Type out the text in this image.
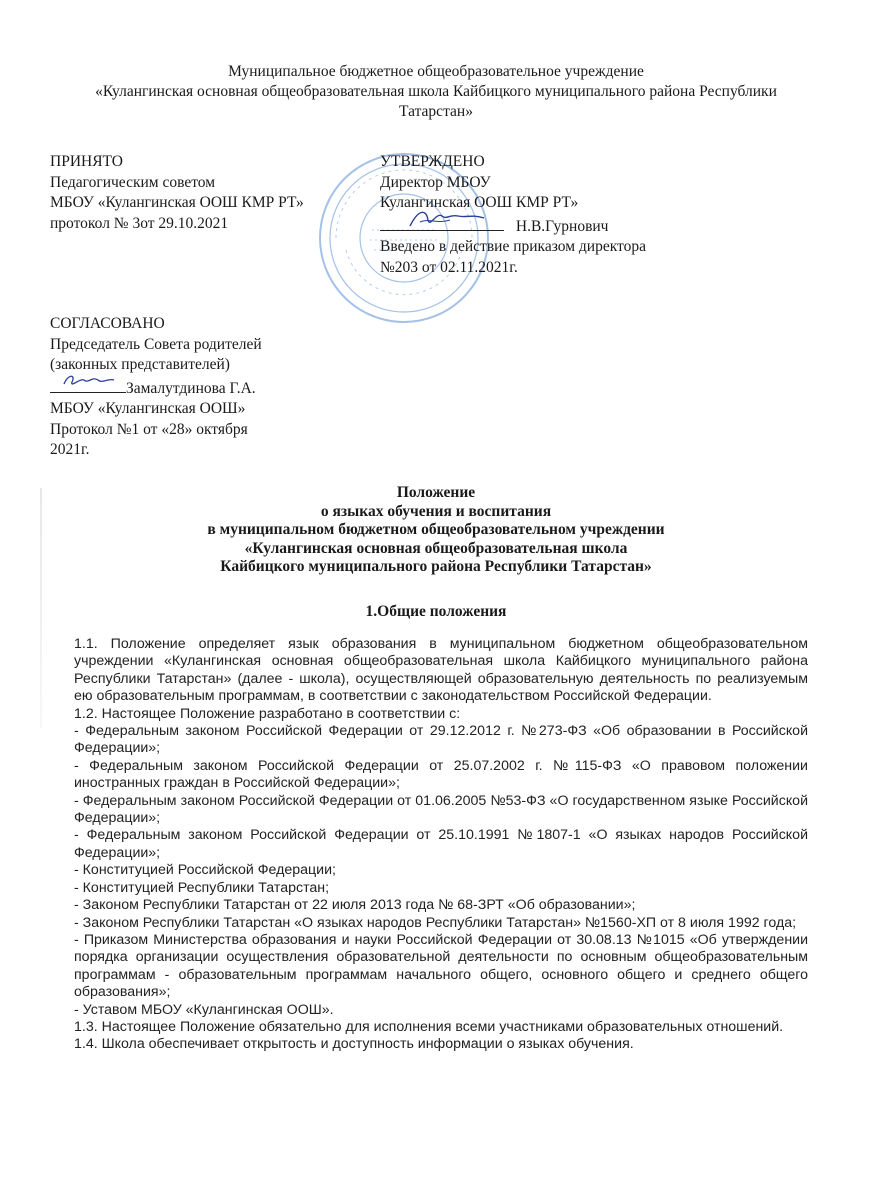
Муниципальное бюджетное общеобразовательное учреждение
«Кулангинская основная общеобразовательная школа Кайбицкого муниципального района Республики
Татарстан»
ПРИНЯТО
Педагогическим советом
МБОУ «Кулангинская ООШ КМР РТ»
протокол № 3от 29.10.2021
УТВЕРЖДЕНО
Директор МБОУ
Кулангинская ООШ КМР РТ»
Н.В.Гурнович
Введено в действие приказом директора
№203 от 02.11.2021г.
СОГЛАСОВАНО
Председатель Совета родителей
(законных представителей)
Замалутдинова Г.А.
МБОУ «Кулангинская ООШ»
Протокол №1 от «28» октября
2021г.
Положение
о языках обучения и воспитания
в муниципальном бюджетном общеобразовательном учреждении
«Кулангинская основная общеобразовательная школа
Кайбицкого муниципального района Республики Татарстан»
1.Общие положения

1.1. Положение определяет язык образования в муниципальном бюджетном общеобразовательном учреждении «Кулангинская основная общеобразовательная школа Кайбицкого муниципального района Республики Татарстан» (далее - школа), осуществляющей образовательную деятельность по реализуемым ею образовательным программам, в соответствии с законодательством Российской Федерации.

1.2. Настоящее Положение разработано в соответствии с:

- Федеральным законом Российской Федерации от 29.12.2012 г. №273-ФЗ «Об образовании в Российской Федерации»;

- Федеральным законом Российской Федерации от 25.07.2002 г. №115-ФЗ «О правовом положении иностранных граждан в Российской Федерации»;

- Федеральным законом Российской Федерации от 01.06.2005 №53-ФЗ «О государственном языке Российской Федерации»;

- Федеральным законом Российской Федерации от 25.10.1991 №1807-1 «О языках народов Российской Федерации»;

- Конституцией Российской Федерации;

- Конституцией Республики Татарстан;

- Законом Республики Татарстан от 22 июля 2013 года № 68-ЗРТ «Об образовании»;

- Законом Республики Татарстан «О языках народов Республики Татарстан» №1560-ХП от 8 июля 1992 года;

- Приказом Министерства образования и науки Российской Федерации от 30.08.13 №1015 «Об утверждении порядка организации осуществления образовательной деятельности по основным общеобразовательным программам - образовательным программам начального общего, основного общего и среднего общего образования»;

- Уставом МБОУ «Кулангинская ООШ».

1.3. Настоящее Положение обязательно для исполнения всеми участниками образовательных отношений.

1.4. Школа обеспечивает открытость и доступность информации о языках обучения.
